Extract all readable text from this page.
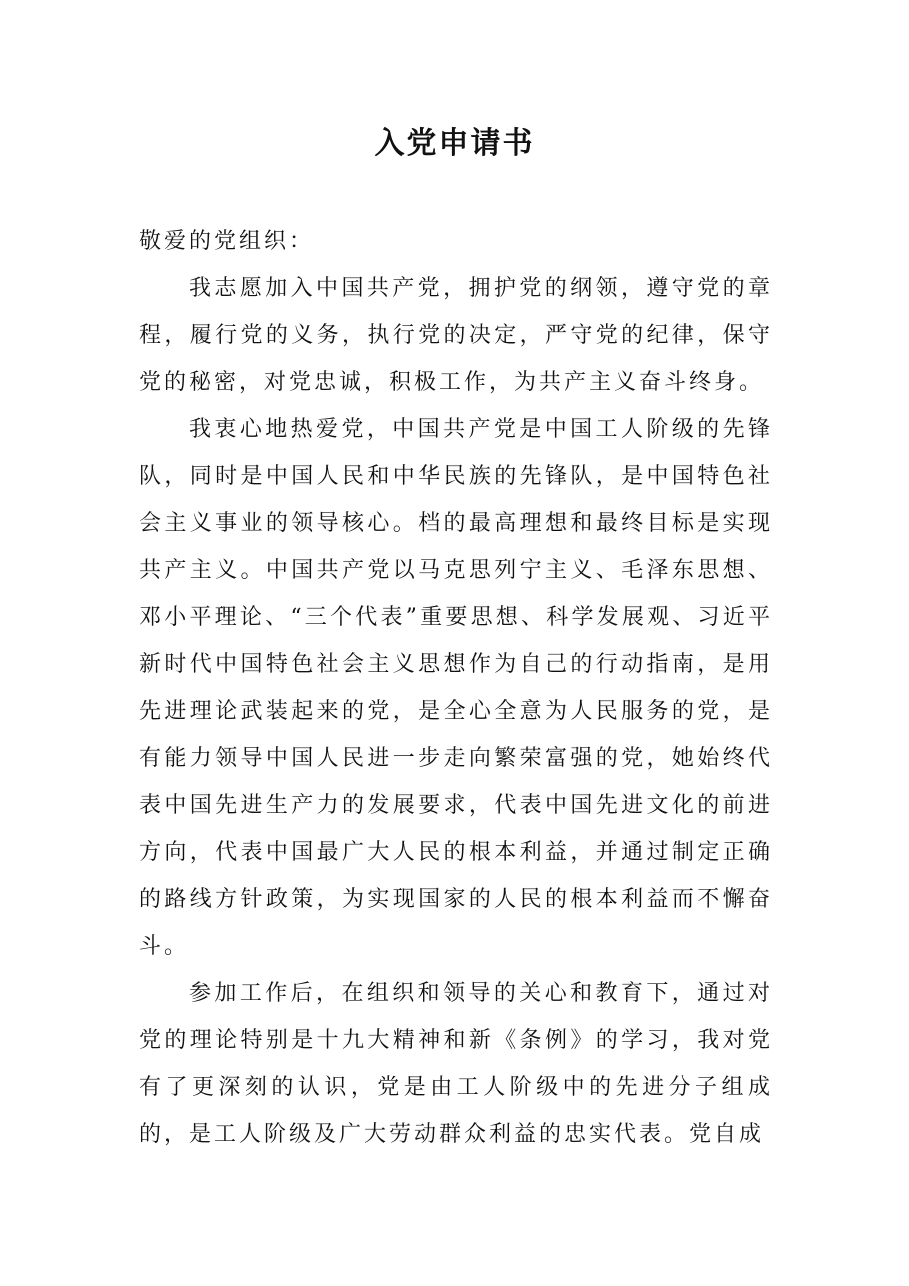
入党申请书

敬爱的党组织：

我志愿加入中国共产党，拥护党的纲领，遵守党的章程，履行党的义务，执行党的决定，严守党的纪律，保守党的秘密，对党忠诚，积极工作，为共产主义奋斗终身。

我衷心地热爱党，中国共产党是中国工人阶级的先锋队，同时是中国人民和中华民族的先锋队，是中国特色社会主义事业的领导核心。档的最高理想和最终目标是实现共产主义。中国共产党以马克思列宁主义、毛泽东思想、邓小平理论、“三个代表”重要思想、科学发展观、习近平新时代中国特色社会主义思想作为自己的行动指南，是用先进理论武装起来的党，是全心全意为人民服务的党，是有能力领导中国人民进一步走向繁荣富强的党，她始终代表中国先进生产力的发展要求，代表中国先进文化的前进方向，代表中国最广大人民的根本利益，并通过制定正确的路线方针政策，为实现国家的人民的根本利益而不懈奋斗。

参加工作后，在组织和领导的关心和教育下，通过对党的理论特别是十九大精神和新《条例》的学习，我对党有了更深刻的认识，党是由工人阶级中的先进分子组成的，是工人阶级及广大劳动群众利益的忠实代表。党自成
